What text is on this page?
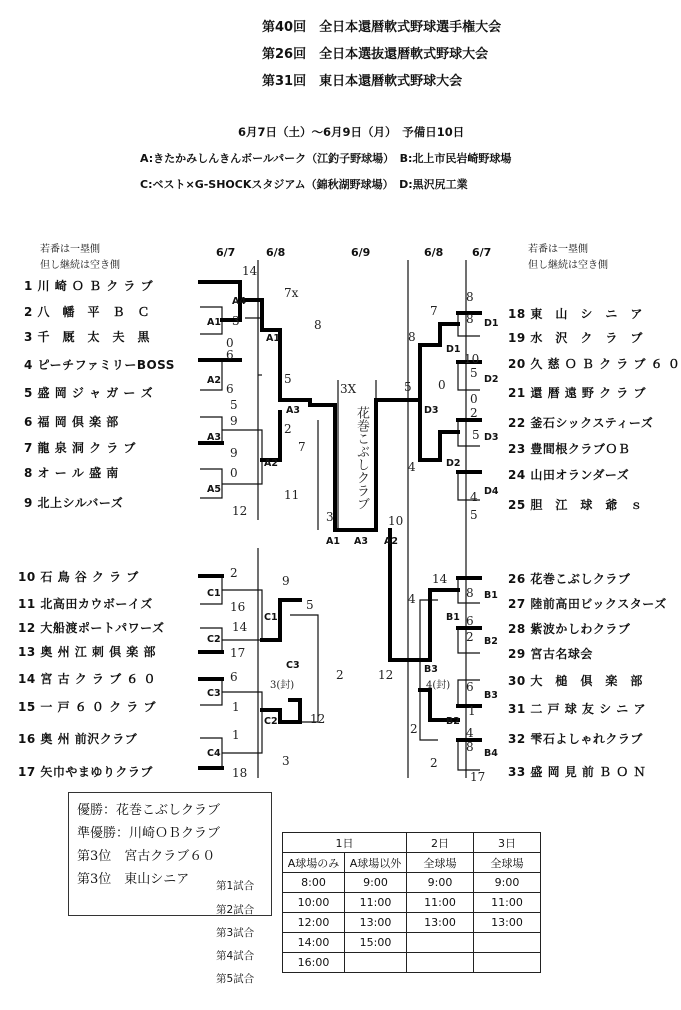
第40回　全日本還暦軟式野球選手権大会
第26回　全日本選抜還暦軟式野球大会
第31回　東日本還暦軟式野球大会
6月7日（土）～6月9日（月）　予備日10日
A:きたかみしんきんボールパーク（江釣子野球場）　B:北上市民岩崎野球場
C:ベスト×G-SHOCKスタジアム（錦秋湖野球場）　D:黒沢尻工業
若番は一塁側
但し継続は空き側
若番は一塁側
但し継続は空き側
6/7	6/8	6/9	6/8	6/7
1 川 崎 Ｏ Ｂ ク ラ ブ
2 八　幡　平　Ｂ　Ｃ
3 千　厩　太　夫　黒
4 ピーチファミリーBOSS
5 盛 岡 ジ ャ ガ ー ズ
6 福 岡 倶 楽 部
7 龍 泉 洞 ク ラ ブ
8 オ ー ル 盛 南
9 北上シルバーズ
10 石 鳥 谷 ク ラ ブ
11 北高田カウボーイズ
12 大船渡ポートパワーズ
13 奥 州 江 刺 倶 楽 部
14 宮 古 ク ラ ブ ６ ０
15 一 戸 ６ ０ ク ラ ブ
16 奥 州 前沢クラブ
17 矢巾やまゆりクラブ
18 東　山　シ　ニ　ア
19 水　沢　ク　ラ　ブ
20 久 慈 Ｏ Ｂ ク ラ ブ ６ ０
21 還 暦 遠 野 ク ラ ブ
22 釜石シックスティーズ
23 豊間根クラブＯＢ
24 山田オランダーズ
25 胆　江　球　爺　ｓ
26 花巻こぶしクラブ
27 陸前高田ビックスターズ
28 紫波かしわクラブ
29 宮古名球会
30 大　槌　倶　楽　部
31 二 戸 球 友 シ ニ ア
32 雫石よしゃれクラブ
33 盛 岡 見 前 Ｂ Ｏ Ｎ
A4
A1
A1
A2
A3
A3
A2
A5
C1
C1
C2
C3
C3
C2
C4
D1
D1
D2
D3
D3
D2
D4
B1
B1
B2
B3
B3
B2
B4
A1 A3 A2
14
7x
3
0
6
8
6
5
5
9
2
9
0
7
11
12
3X
3
2
9
16
14
5
17
6
3(封)
2
1
12
1
18
3
8
7
8
10
5
0
0
2
5
8
4
5
4
5
10
14
8
4
6
2
12
4(封) 6
1
2	4
8
17
2
花巻こぶしクラブ
優勝：花巻こぶしクラブ
準優勝：川崎ＯＢクラブ
第3位　宮古クラブ６０
第3位　東山シニア	第1試合
第2試合
第3試合
第4試合
第5試合
1日		2日	3日
A球場のみ	A球場以外	全球場	全球場
8:00	9:00	9:00	9:00
10:00	11:00	11:00	11:00
12:00	13:00	13:00	13:00
14:00	15:00		
16:00			
